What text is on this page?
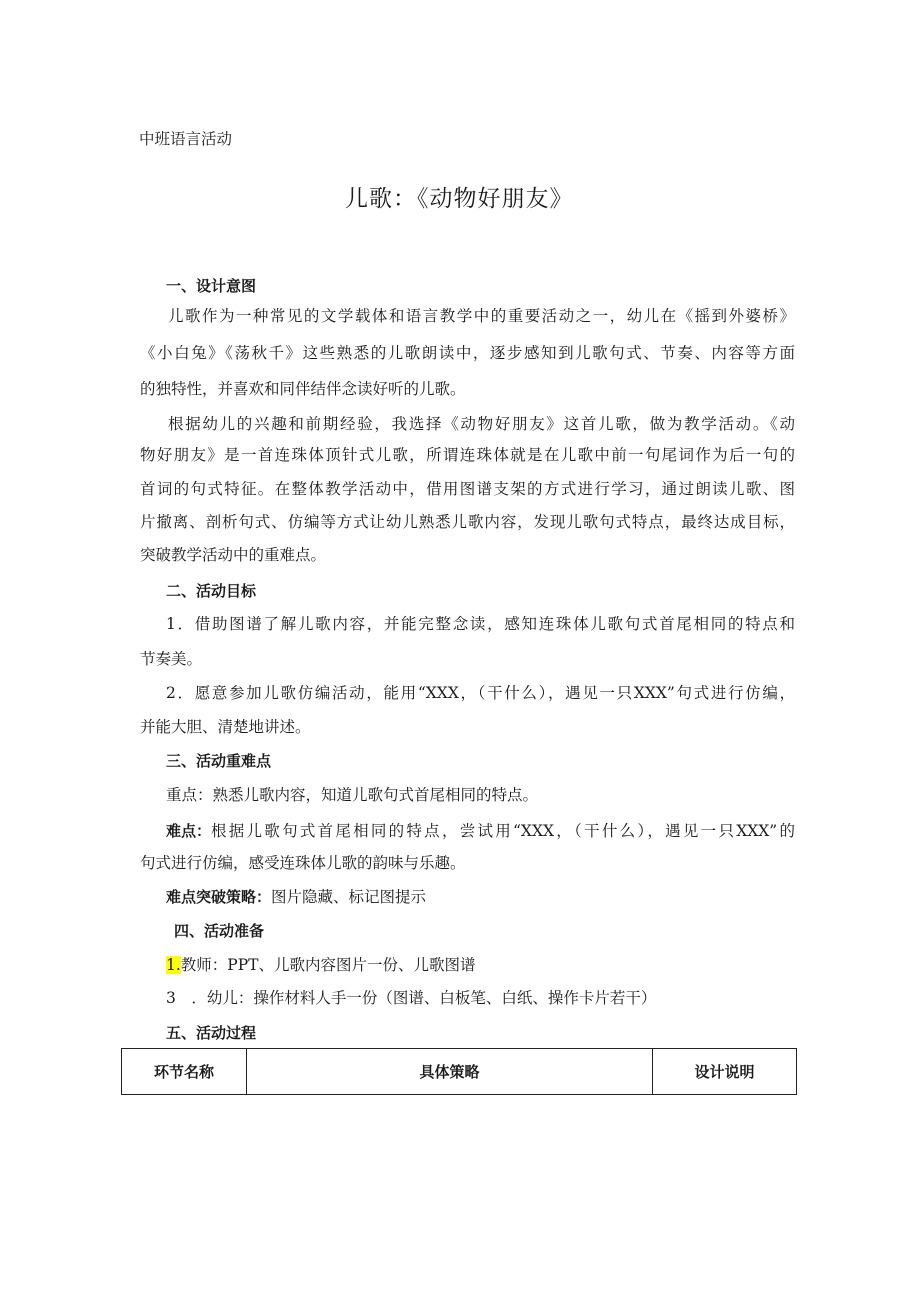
中班语言活动
儿歌：《动物好朋友》
一、设计意图
儿歌作为一种常见的文学载体和语言教学中的重要活动之一，幼儿在《摇到外婆桥》
《小白兔》《荡秋千》这些熟悉的儿歌朗读中，逐步感知到儿歌句式、节奏、内容等方面
的独特性，并喜欢和同伴结伴念读好听的儿歌。
根据幼儿的兴趣和前期经验，我选择《动物好朋友》这首儿歌，做为教学活动。《动
物好朋友》是一首连珠体顶针式儿歌，所谓连珠体就是在儿歌中前一句尾词作为后一句的
首词的句式特征。在整体教学活动中，借用图谱支架的方式进行学习，通过朗读儿歌、图
片撤离、剖析句式、仿编等方式让幼儿熟悉儿歌内容，发现儿歌句式特点，最终达成目标，
突破教学活动中的重难点。
二、活动目标
1．借助图谱了解儿歌内容，并能完整念读，感知连珠体儿歌句式首尾相同的特点和
节奏美。
2．愿意参加儿歌仿编活动，能用“XXX，（干什么），遇见一只XXX”句式进行仿编，
并能大胆、清楚地讲述。
三、活动重难点
重点：熟悉儿歌内容，知道儿歌句式首尾相同的特点。
难点： 根据儿歌句式首尾相同的特点，尝试用“XXX，（干什么），遇见一只XXX”的
句式进行仿编，感受连珠体儿歌的韵味与乐趣。
难点突破策略：图片隐藏、标记图提示
四、活动准备
1.教师：PPT、儿歌内容图片一份、儿歌图谱
3　．幼儿：操作材料人手一份（图谱、白板笔、白纸、操作卡片若干）
五、活动过程
环节名称	具体策略	设计说明
